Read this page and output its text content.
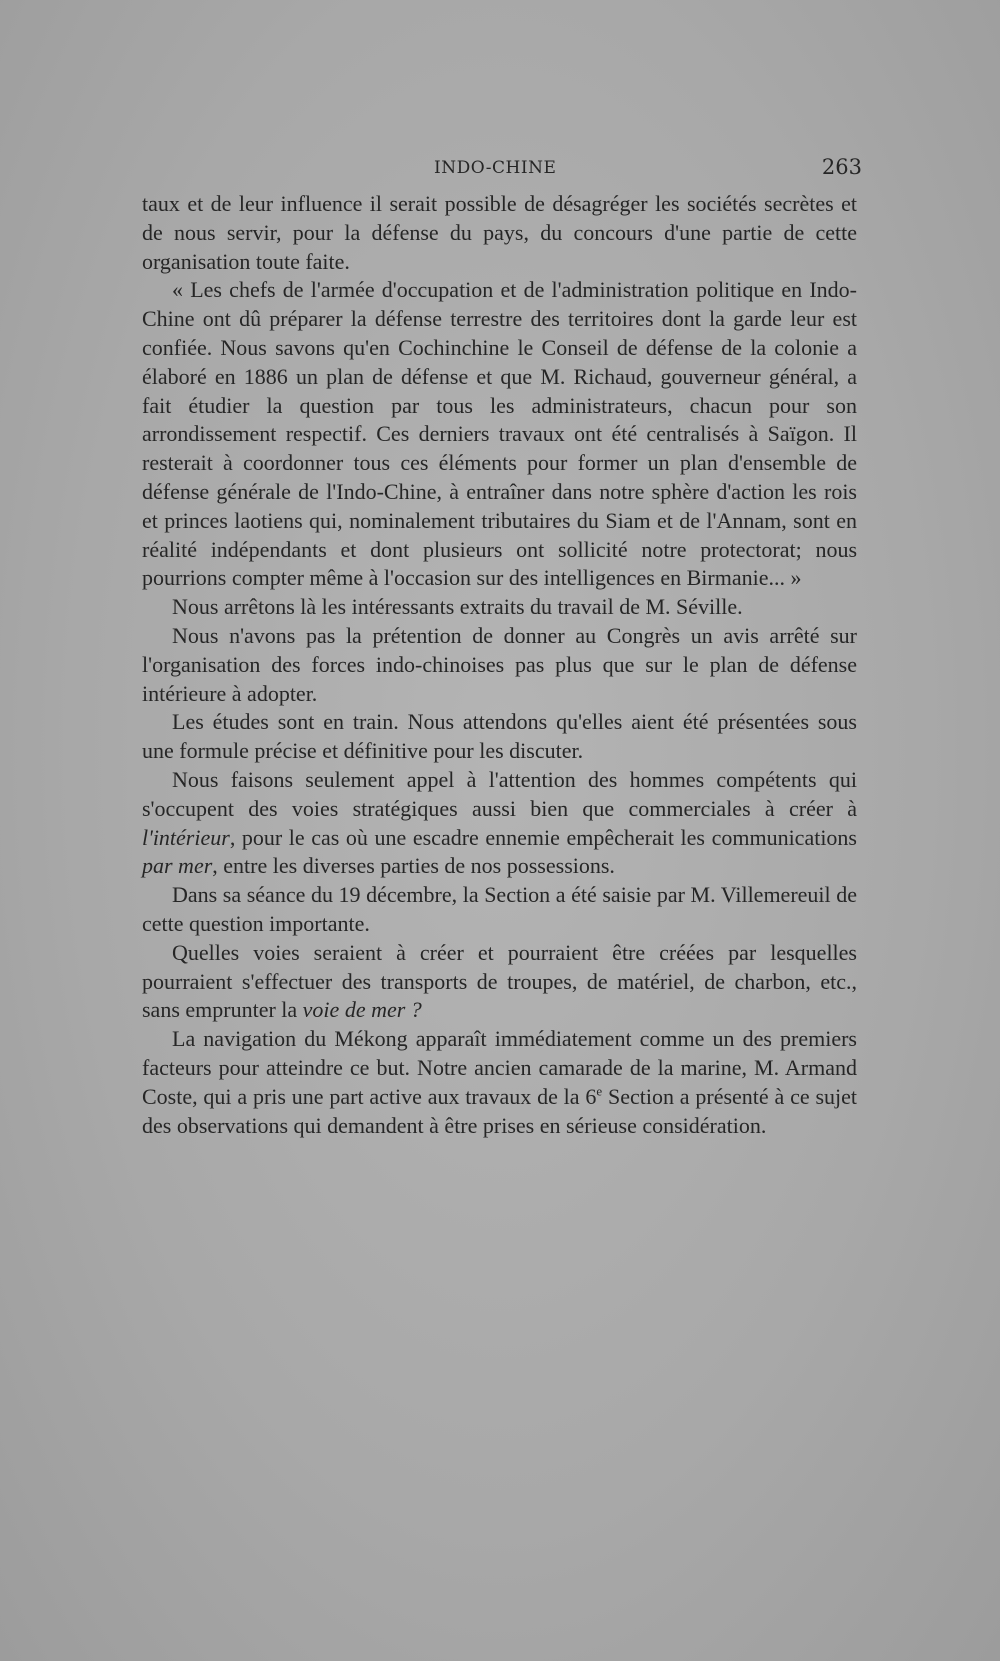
INDO-CHINE	263

taux et de leur influence il serait possible de désagréger les sociétés secrètes et de nous servir, pour la défense du pays, du concours d'une partie de cette organisation toute faite.

« Les chefs de l'armée d'occupation et de l'administration politique en Indo-Chine ont dû préparer la défense terrestre des territoires dont la garde leur est confiée. Nous savons qu'en Cochinchine le Conseil de défense de la colonie a élaboré en 1886 un plan de défense et que M. Richaud, gouverneur général, a fait étudier la question par tous les administrateurs, chacun pour son arrondissement respectif. Ces derniers travaux ont été centralisés à Saïgon. Il resterait à coordonner tous ces éléments pour former un plan d'ensemble de défense générale de l'Indo-Chine, à entraîner dans notre sphère d'action les rois et princes laotiens qui, nominalement tributaires du Siam et de l'Annam, sont en réalité indépendants et dont plusieurs ont sollicité notre protectorat; nous pourrions compter même à l'occasion sur des intelligences en Birmanie... »

Nous arrêtons là les intéressants extraits du travail de M. Séville.

Nous n'avons pas la prétention de donner au Congrès un avis arrêté sur l'organisation des forces indo-chinoises pas plus que sur le plan de défense intérieure à adopter.

Les études sont en train. Nous attendons qu'elles aient été présentées sous une formule précise et définitive pour les discuter.

Nous faisons seulement appel à l'attention des hommes compétents qui s'occupent des voies stratégiques aussi bien que commerciales à créer à l'intérieur, pour le cas où une escadre ennemie empêcherait les communications par mer, entre les diverses parties de nos possessions.

Dans sa séance du 19 décembre, la Section a été saisie par M. Villemereuil de cette question importante.

Quelles voies seraient à créer et pourraient être créées par lesquelles pourraient s'effectuer des transports de troupes, de matériel, de charbon, etc., sans emprunter la voie de mer ?

La navigation du Mékong apparaît immédiatement comme un des premiers facteurs pour atteindre ce but. Notre ancien camarade de la marine, M. Armand Coste, qui a pris une part active aux travaux de la 6e Section a présenté à ce sujet des observations qui demandent à être prises en sérieuse considération.
